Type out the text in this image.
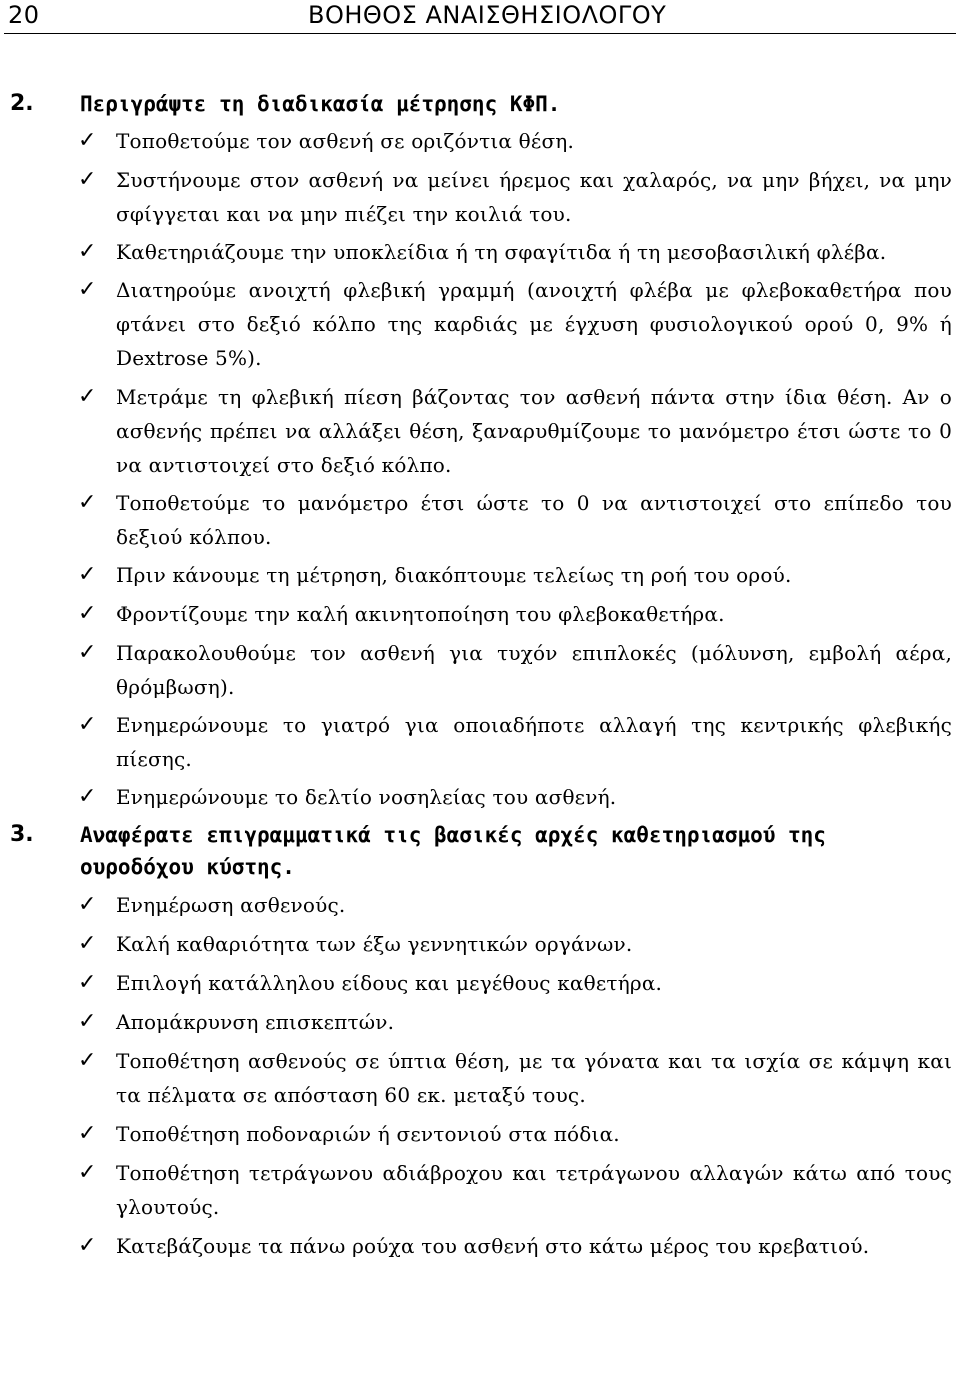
20	ΒΟΗΘΟΣ ΑΝΑΙΣΘΗΣΙΟΛΟΓΟΥ
2. Περιγράψτε τη διαδικασία μέτρησης ΚΦΠ.
✓ Τοποθετούμε τον ασθενή σε οριζόντια θέση.
✓ Συστήνουμε στον ασθενή να μείνει ήρεμος και χαλαρός, να μην βήχει, να μην σφίγγεται και να μην πιέζει την κοιλιά του.
✓ Καθετηριάζουμε την υποκλείδια ή τη σφαγίτιδα ή τη μεσοβασιλική φλέβα.
✓ Διατηρούμε ανοιχτή φλεβική γραμμή (ανοιχτή φλέβα με φλεβοκαθετήρα που φτάνει στο δεξιό κόλπο της καρδιάς με έγχυση φυσιολογικού ορού 0, 9% ή Dextrose 5%).
✓ Μετράμε τη φλεβική πίεση βάζοντας τον ασθενή πάντα στην ίδια θέση. Αν ο ασθενής πρέπει να αλλάξει θέση, ξαναρυθμίζουμε το μανόμετρο έτσι ώστε το 0 να αντιστοιχεί στο δεξιό κόλπο.
✓ Τοποθετούμε το μανόμετρο έτσι ώστε το 0 να αντιστοιχεί στο επίπεδο του δεξιού κόλπου.
✓ Πριν κάνουμε τη μέτρηση, διακόπτουμε τελείως τη ροή του ορού.
✓ Φροντίζουμε την καλή ακινητοποίηση του φλεβοκαθετήρα.
✓ Παρακολουθούμε τον ασθενή για τυχόν επιπλοκές (μόλυνση, εμβολή αέρα, θρόμβωση).
✓ Ενημερώνουμε το γιατρό για οποιαδήποτε αλλαγή της κεντρικής φλεβικής πίεσης.
✓ Ενημερώνουμε το δελτίο νοσηλείας του ασθενή.
3. Αναφέρατε επιγραμματικά τις βασικές αρχές καθετηριασμού της ουροδόχου κύστης.
✓ Ενημέρωση ασθενούς.
✓ Καλή καθαριότητα των έξω γεννητικών οργάνων.
✓ Επιλογή κατάλληλου είδους και μεγέθους καθετήρα.
✓ Απομάκρυνση επισκεπτών.
✓ Τοποθέτηση ασθενούς σε ύπτια θέση, με τα γόνατα και τα ισχία σε κάμψη και τα πέλματα σε απόσταση 60 εκ. μεταξύ τους.
✓ Τοποθέτηση ποδοναριών ή σεντονιού στα πόδια.
✓ Τοποθέτηση τετράγωνου αδιάβροχου και τετράγωνου αλλαγών κάτω από τους γλουτούς.
✓ Κατεβάζουμε τα πάνω ρούχα του ασθενή στο κάτω μέρος του κρεβατιού.
